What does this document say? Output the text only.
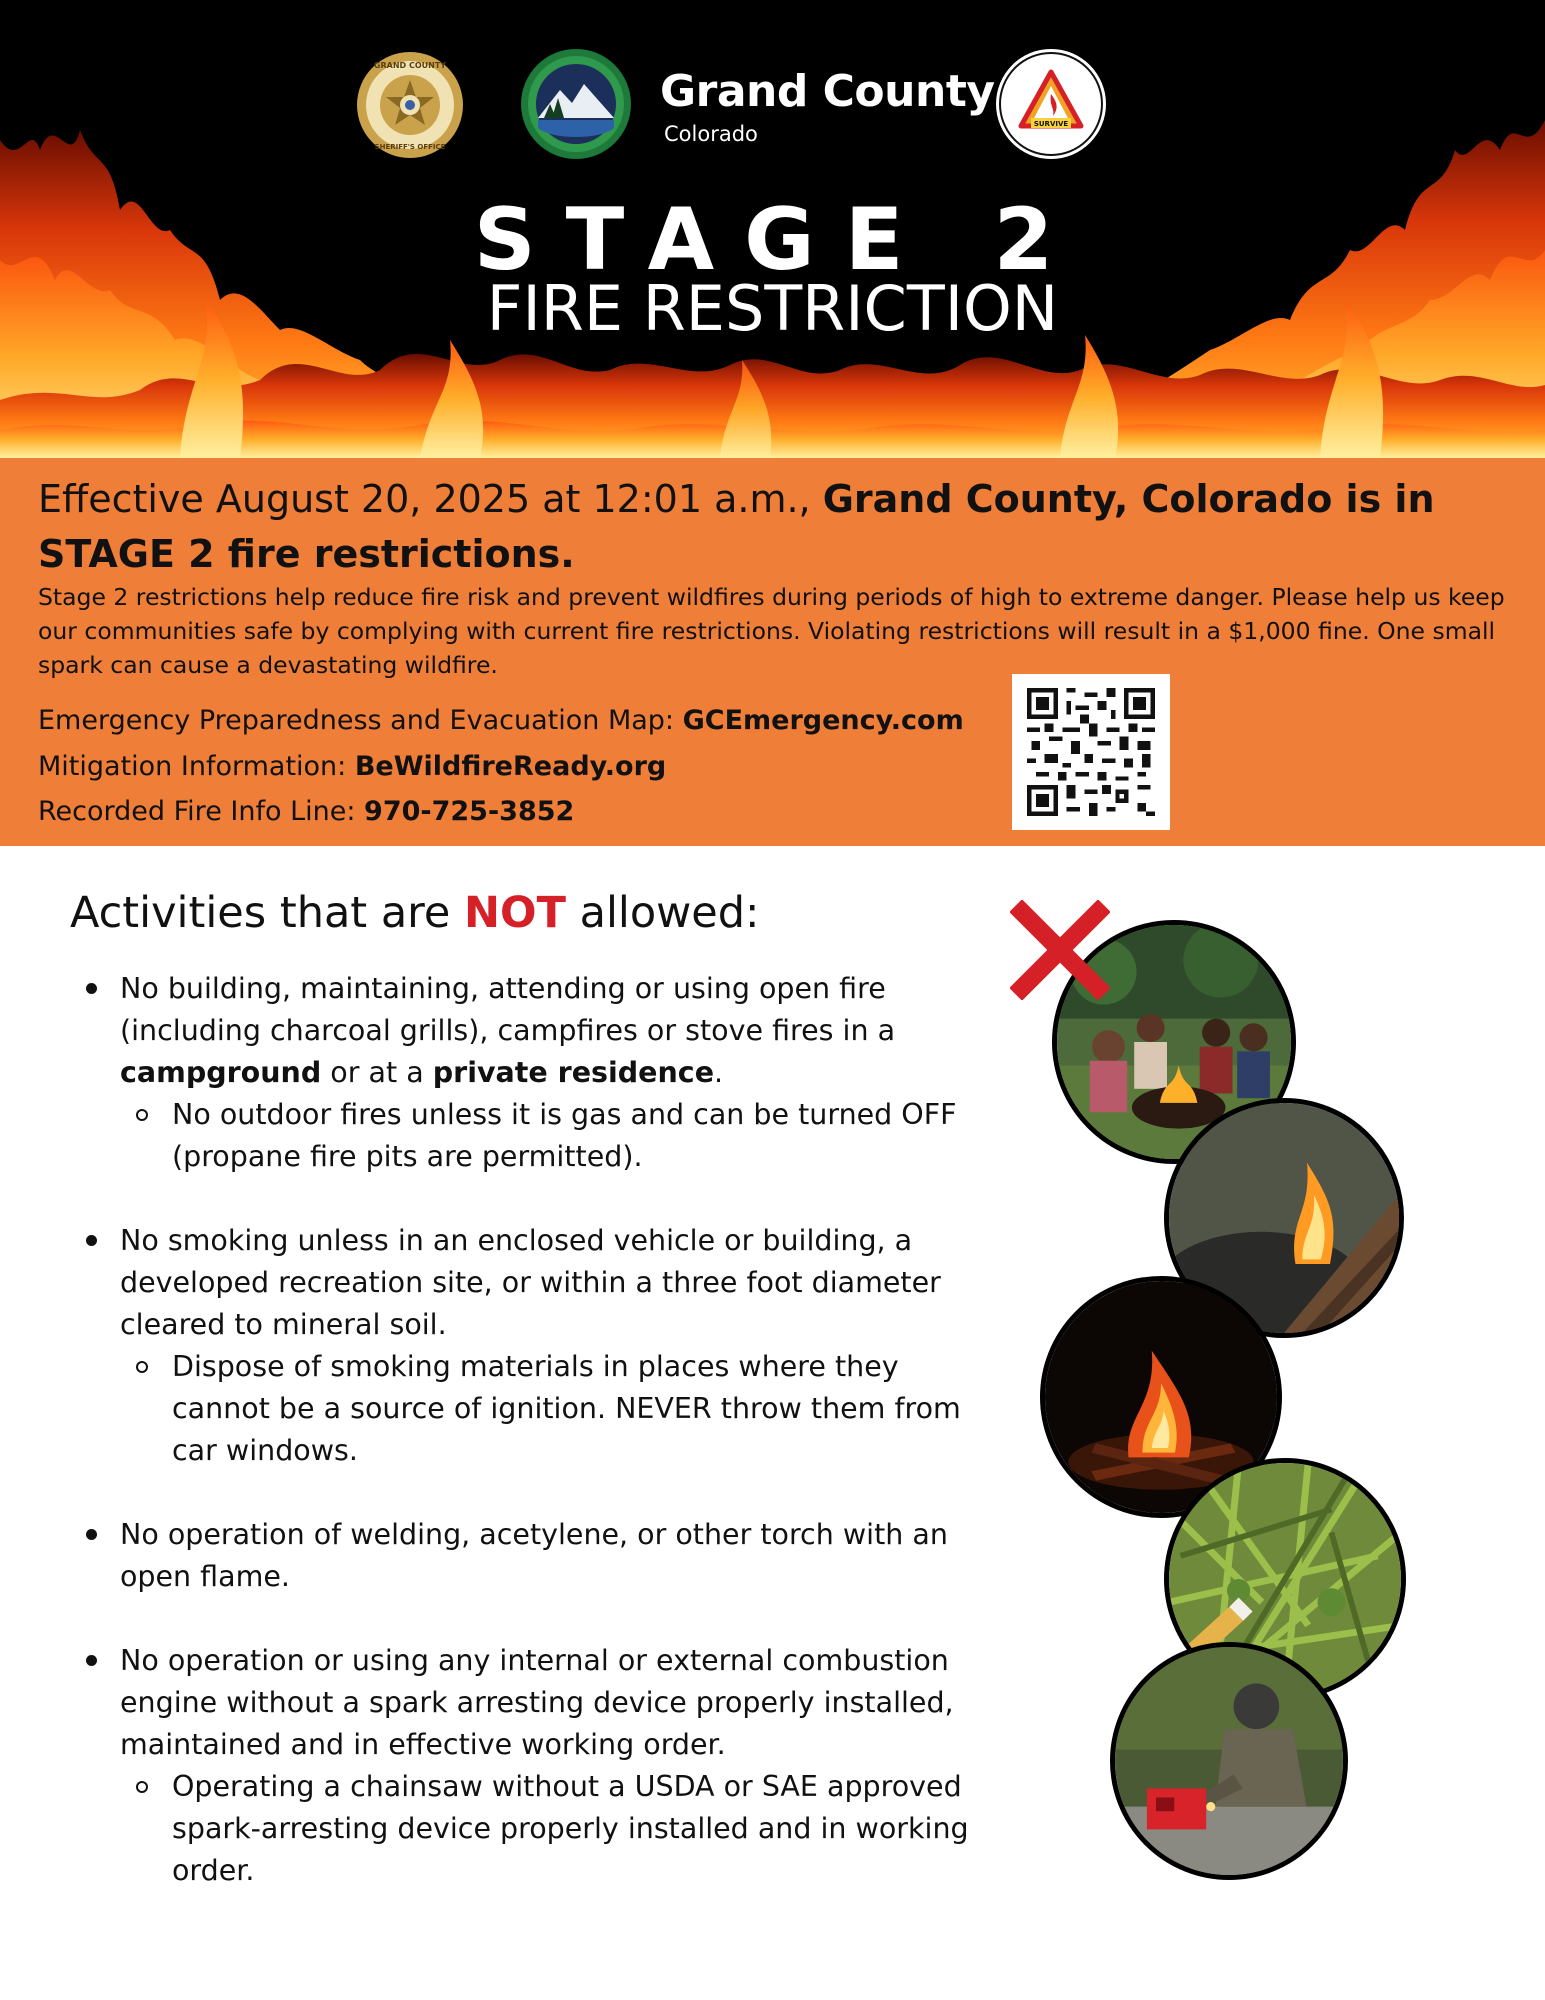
GRAND COUNTY
SHERIFF'S OFFICE
Grand County
Colorado	SURVIVE
STAGE 2
FIRE RESTRICTION
Effective August 20, 2025 at 12:01 a.m., Grand County, Colorado is in STAGE 2 fire restrictions.
Stage 2 restrictions help reduce fire risk and prevent wildfires during periods of high to extreme danger. Please help us keep our communities safe by complying with current fire restrictions. Violating restrictions will result in a $1,000 fine. One small spark can cause a devastating wildfire.
Emergency Preparedness and Evacuation Map: GCEmergency.com
Mitigation Information: BeWildfireReady.org
Recorded Fire Info Line: 970-725-3852
Activities that are NOT allowed:
No building, maintaining, attending or using open fire (including charcoal grills), campfires or stove fires in a campground or at a private residence.
No outdoor fires unless it is gas and can be turned OFF (propane fire pits are permitted).
No smoking unless in an enclosed vehicle or building, a developed recreation site, or within a three foot diameter cleared to mineral soil.
Dispose of smoking materials in places where they cannot be a source of ignition. NEVER throw them from car windows.
No operation of welding, acetylene, or other torch with an open flame.
No operation or using any internal or external combustion engine without a spark arresting device properly installed, maintained and in effective working order.
Operating a chainsaw without a USDA or SAE approved spark-arresting device properly installed and in working order.
